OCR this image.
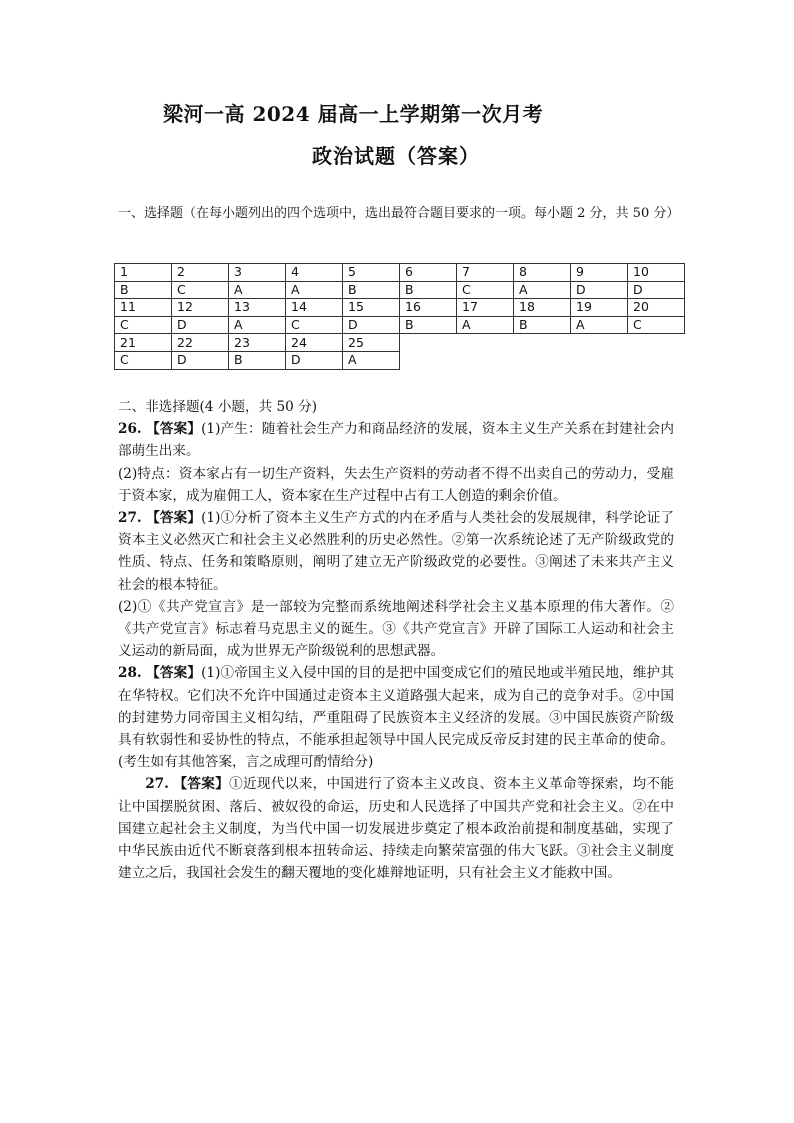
梁河一高 2024 届高一上学期第一次月考
政治试题（答案）
一、选择题（在每小题列出的四个选项中，选出最符合题目要求的一项。每小题 2 分，共 50 分）
1	2	3	4	5	6	7	8	9	10
B	C	A	A	B	B	C	A	D	D
11	12	13	14	15	16	17	18	19	20
C	D	A	C	D	B	A	B	A	C
21	22	23	24	25					
C	D	B	D	A					

二、非选择题(4 小题，共 50 分)

26. 【答案】(1)产生：随着社会生产力和商品经济的发展，资本主义生产关系在封建社会内部萌生出来。

(2)特点：资本家占有一切生产资料，失去生产资料的劳动者不得不出卖自己的劳动力，受雇于资本家，成为雇佣工人，资本家在生产过程中占有工人创造的剩余价值。

27. 【答案】(1)①分析了资本主义生产方式的内在矛盾与人类社会的发展规律，科学论证了资本主义必然灭亡和社会主义必然胜利的历史必然性。②第一次系统论述了无产阶级政党的性质、特点、任务和策略原则，阐明了建立无产阶级政党的必要性。③阐述了未来共产主义社会的根本特征。

(2)①《共产党宣言》是一部较为完整而系统地阐述科学社会主义基本原理的伟大著作。②《共产党宣言》标志着马克思主义的诞生。③《共产党宣言》开辟了国际工人运动和社会主义运动的新局面，成为世界无产阶级锐利的思想武器。

28. 【答案】(1)①帝国主义入侵中国的目的是把中国变成它们的殖民地或半殖民地，维护其在华特权。它们决不允许中国通过走资本主义道路强大起来，成为自己的竞争对手。②中国的封建势力同帝国主义相勾结，严重阻碍了民族资本主义经济的发展。③中国民族资产阶级具有软弱性和妥协性的特点，不能承担起领导中国人民完成反帝反封建的民主革命的使命。(考生如有其他答案，言之成理可酌情给分)

27. 【答案】①近现代以来，中国进行了资本主义改良、资本主义革命等探索，均不能让中国摆脱贫困、落后、被奴役的命运，历史和人民选择了中国共产党和社会主义。②在中国建立起社会主义制度，为当代中国一切发展进步奠定了根本政治前提和制度基础，实现了中华民族由近代不断衰落到根本扭转命运、持续走向繁荣富强的伟大飞跃。③社会主义制度建立之后，我国社会发生的翻天覆地的变化雄辩地证明，只有社会主义才能救中国。
